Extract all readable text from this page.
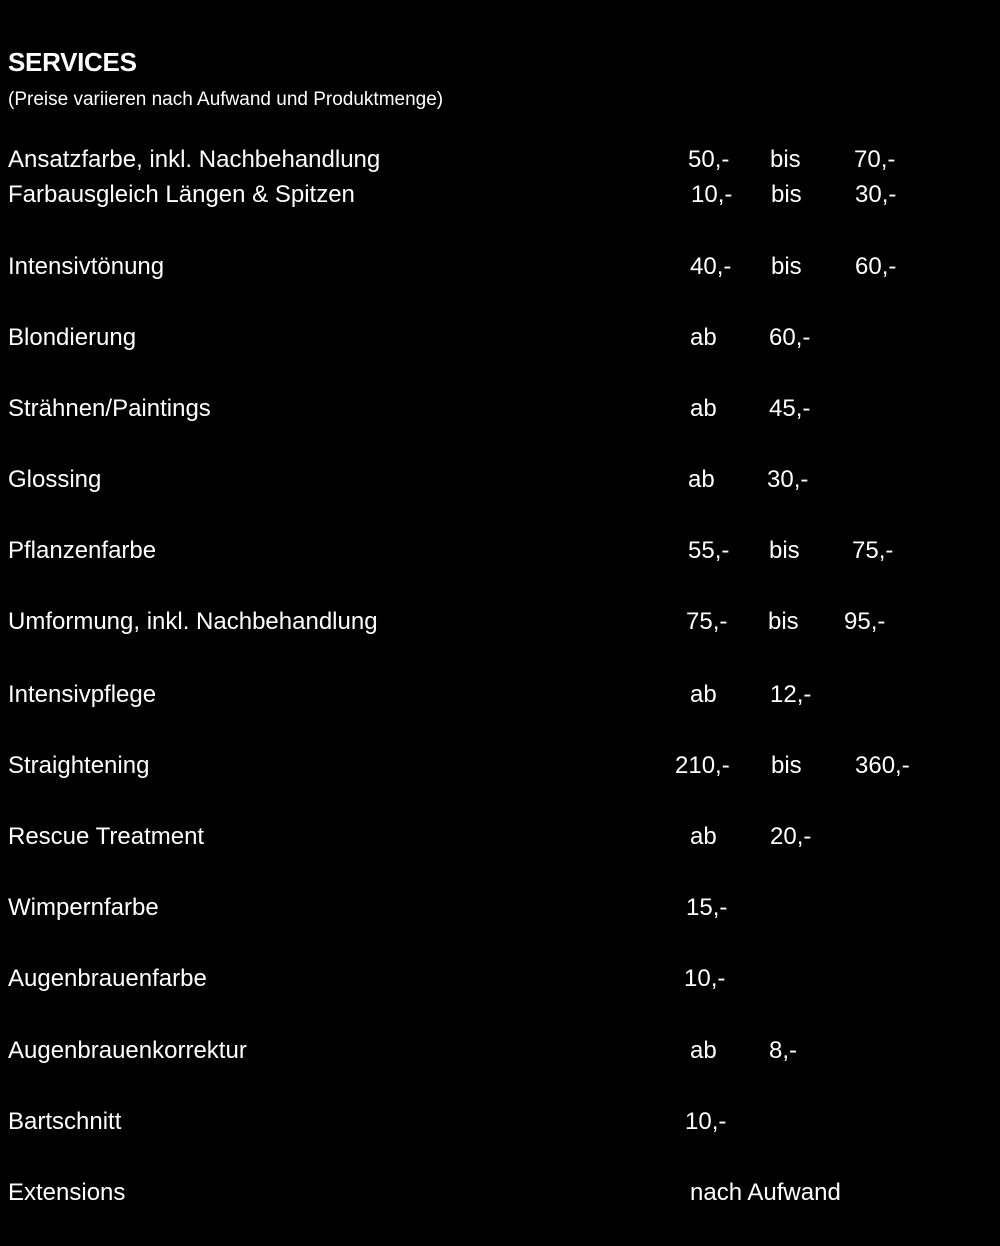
SERVICES
(Preise variieren nach Aufwand und Produktmenge)
Ansatzfarbe, inkl. Nachbehandlung	50,- bis 70,-
Farbausgleich Längen & Spitzen	10,- bis 30,-
Intensivtönung	40,- bis 60,-
Blondierung	ab 60,-
Strähnen/Paintings	ab 45,-
Glossing	ab 30,-
Pflanzenfarbe	55,- bis 75,-
Umformung, inkl. Nachbehandlung	75,- bis 95,-
Intensivpflege	ab 12,-
Straightening	210,- bis 360,-
Rescue Treatment	ab 20,-
Wimpernfarbe	15,-
Augenbrauenfarbe	10,-
Augenbrauenkorrektur	ab 8,-
Bartschnitt	10,-
Extensions	nach Aufwand
